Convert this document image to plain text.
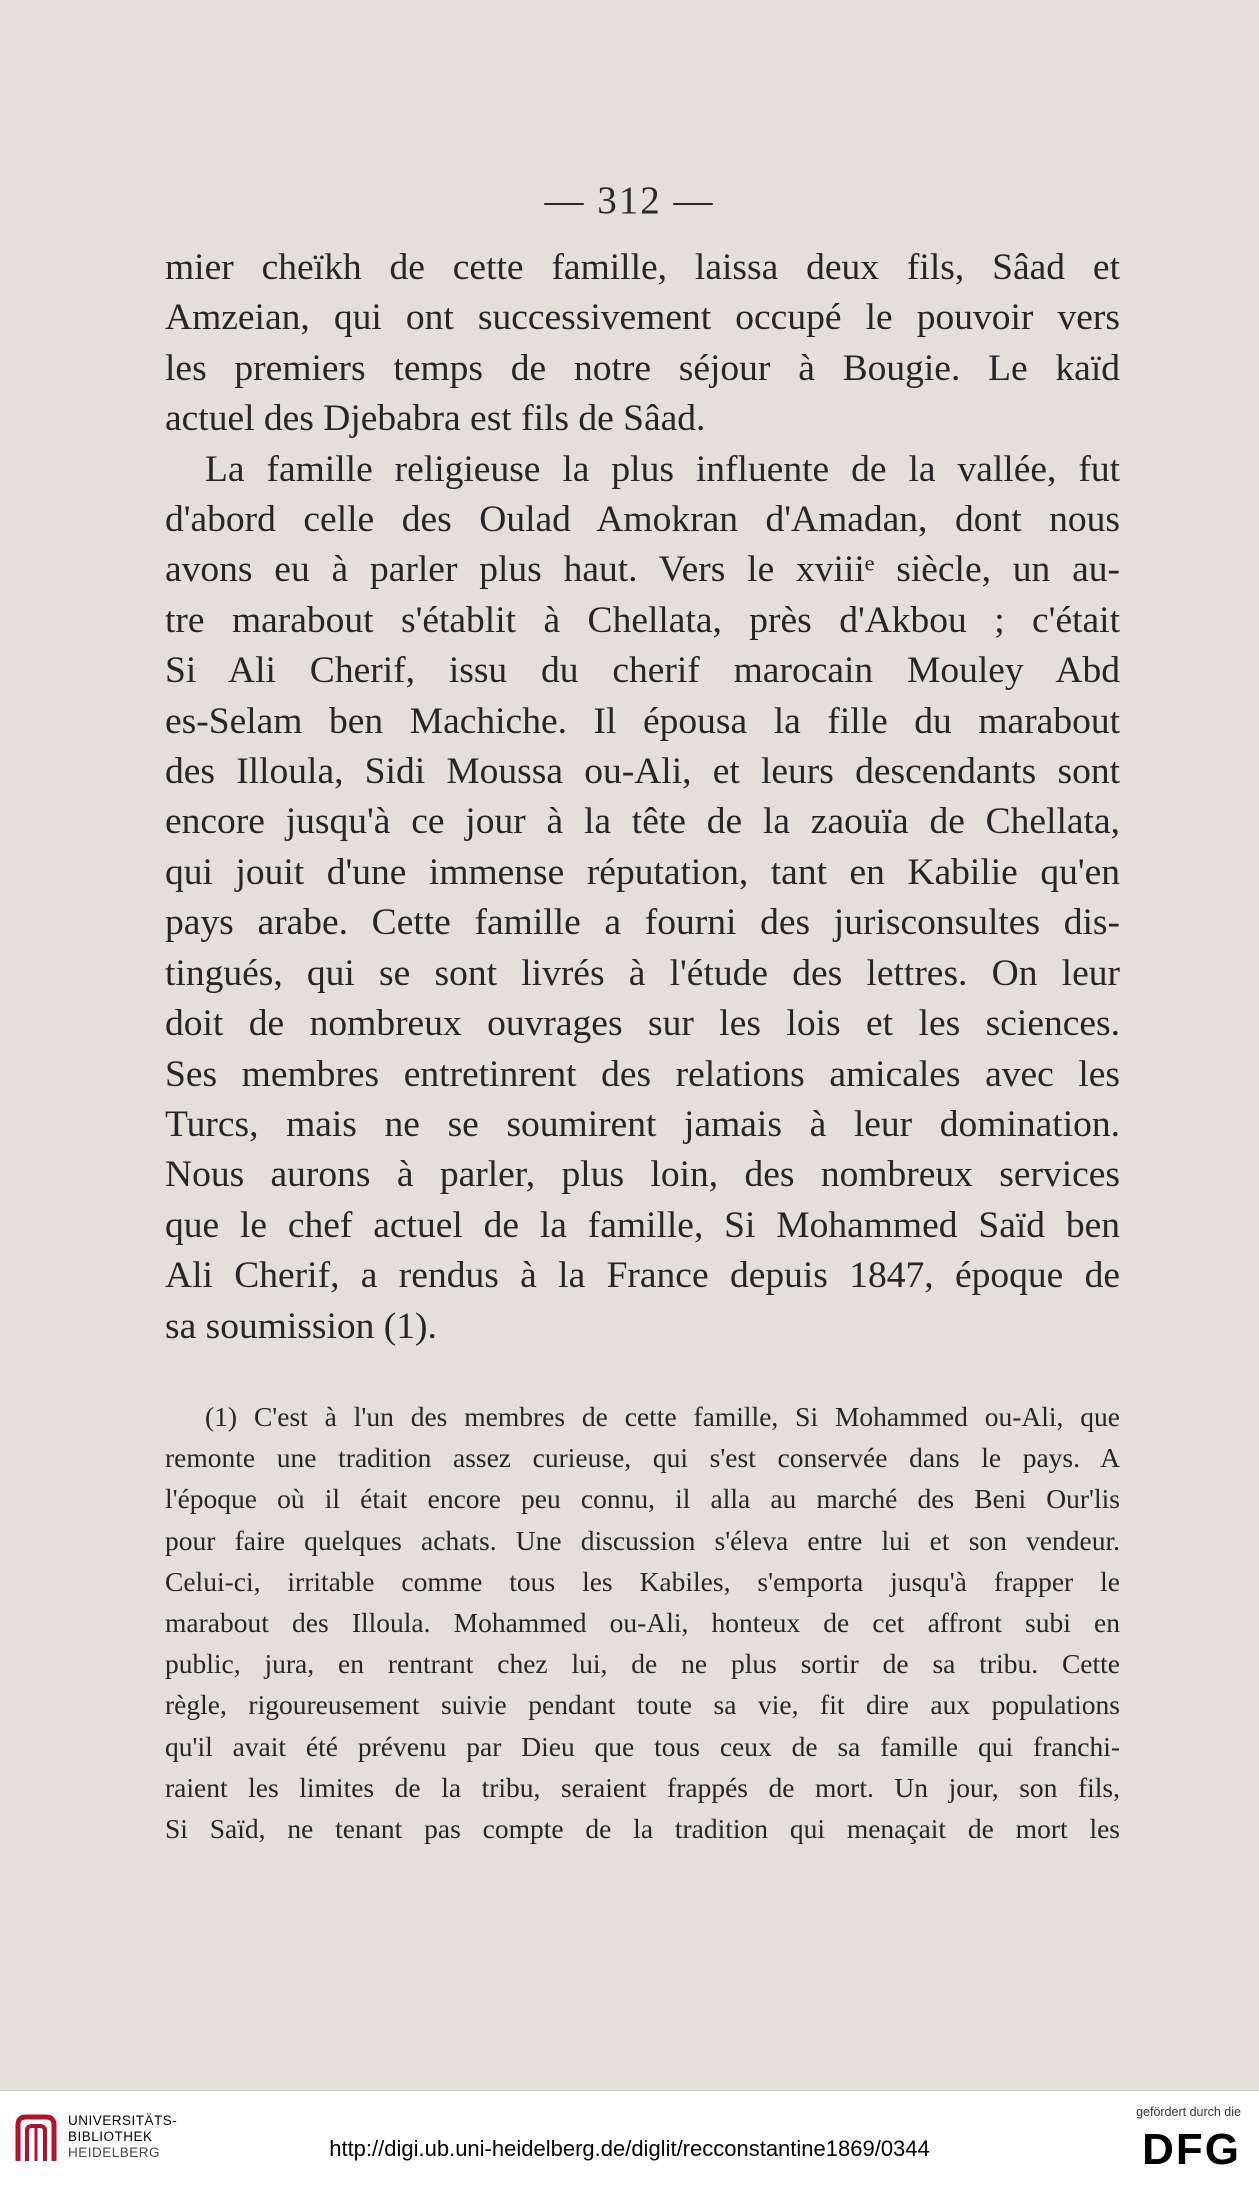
— 312 —
mier cheïkh de cette famille, laissa deux fils, Sâad et
Amzeian, qui ont successivement occupé le pouvoir vers
les premiers temps de notre séjour à Bougie. Le kaïd
actuel des Djebabra est fils de Sâad.
La famille religieuse la plus influente de la vallée, fut
d'abord celle des Oulad Amokran d'Amadan, dont nous
avons eu à parler plus haut. Vers le xviiiᵉ siècle, un au-
tre marabout s'établit à Chellata, près d'Akbou ; c'était
Si Ali Cherif, issu du cherif marocain Mouley Abd
es-Selam ben Machiche. Il épousa la fille du marabout
des Illoula, Sidi Moussa ou-Ali, et leurs descendants sont
encore jusqu'à ce jour à la tête de la zaouïa de Chellata,
qui jouit d'une immense réputation, tant en Kabilie qu'en
pays arabe. Cette famille a fourni des jurisconsultes dis-
tingués, qui se sont livrés à l'étude des lettres. On leur
doit de nombreux ouvrages sur les lois et les sciences.
Ses membres entretinrent des relations amicales avec les
Turcs, mais ne se soumirent jamais à leur domination.
Nous aurons à parler, plus loin, des nombreux services
que le chef actuel de la famille, Si Mohammed Saïd ben
Ali Cherif, a rendus à la France depuis 1847, époque de
sa soumission (1).
(1) C'est à l'un des membres de cette famille, Si Mohammed ou-Ali, que
remonte une tradition assez curieuse, qui s'est conservée dans le pays. A
l'époque où il était encore peu connu, il alla au marché des Beni Our'lis
pour faire quelques achats. Une discussion s'éleva entre lui et son vendeur.
Celui-ci, irritable comme tous les Kabiles, s'emporta jusqu'à frapper le
marabout des Illoula. Mohammed ou-Ali, honteux de cet affront subi en
public, jura, en rentrant chez lui, de ne plus sortir de sa tribu. Cette
règle, rigoureusement suivie pendant toute sa vie, fit dire aux populations
qu'il avait été prévenu par Dieu que tous ceux de sa famille qui franchi-
raient les limites de la tribu, seraient frappés de mort. Un jour, son fils,
Si Saïd, ne tenant pas compte de la tradition qui menaçait de mort les
UNIVERSITÄTS-
BIBLIOTHEK
HEIDELBERG	http://digi.ub.uni-heidelberg.de/diglit/recconstantine1869/0344
gefördert durch die
DFG
